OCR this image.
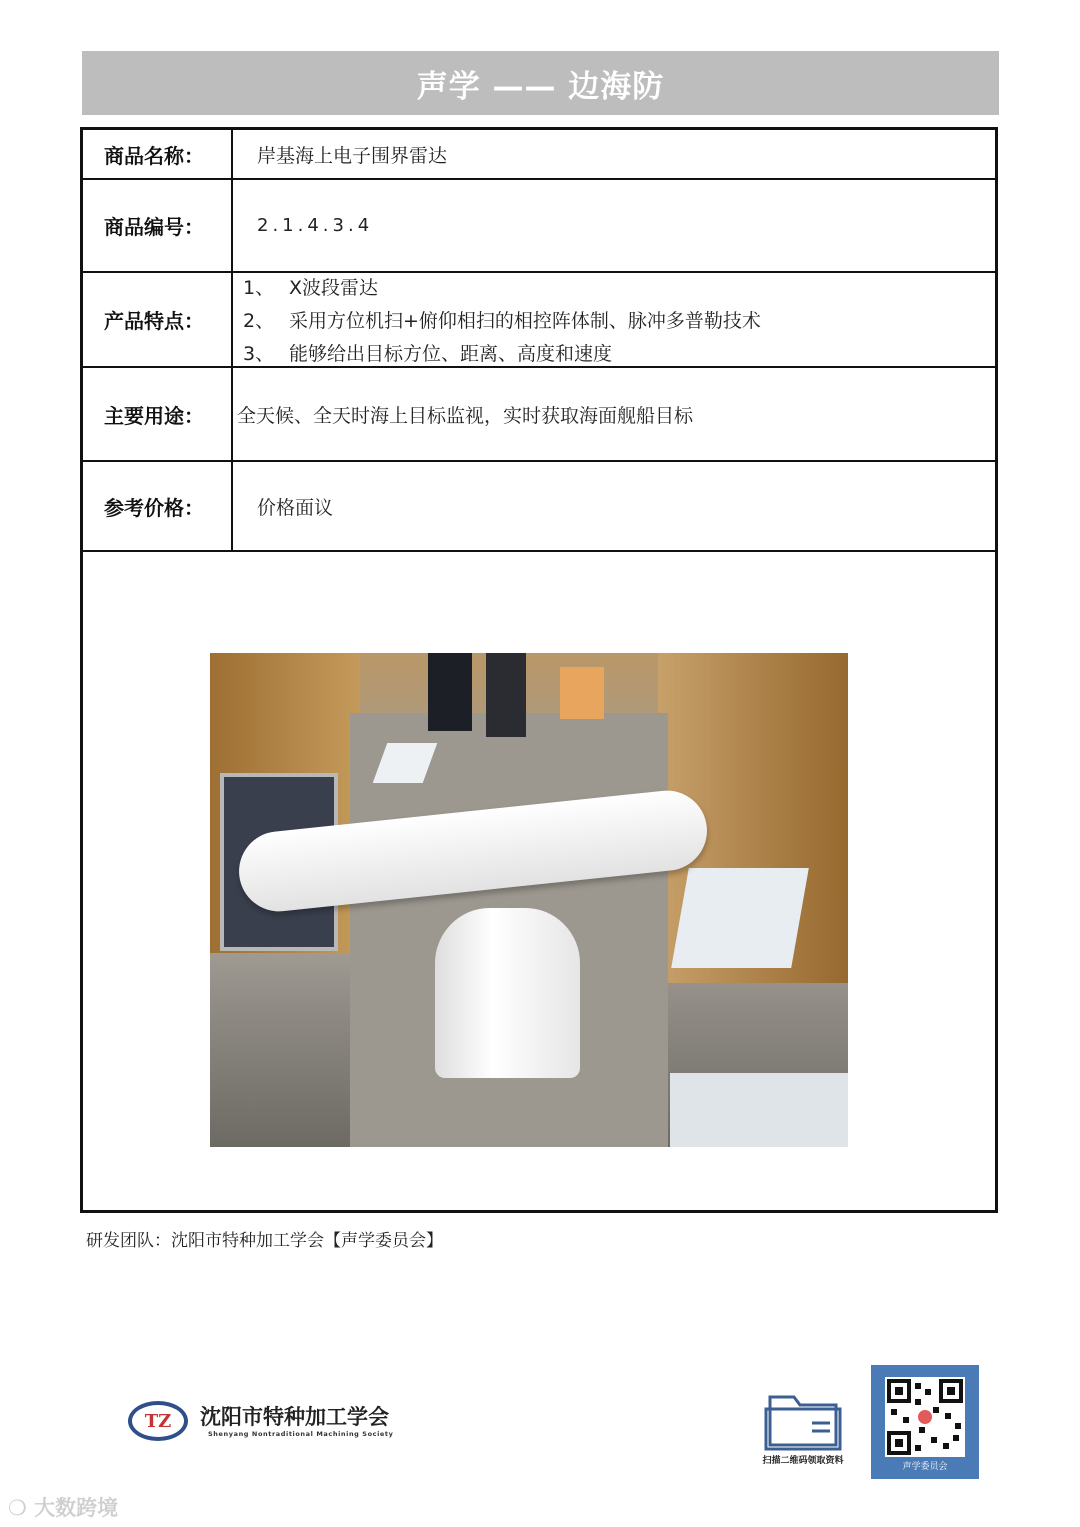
声学 —— 边海防
商品名称：	岸基海上电子围界雷达
商品编号：	2.1.4.3.4
产品特点：
1、 X波段雷达
2、 采用方位机扫+俯仰相扫的相控阵体制、脉冲多普勒技术
3、 能够给出目标方位、距离、高度和速度
主要用途：	全天候、全天时海上目标监视，实时获取海面舰船目标
参考价格：	价格面议
研发团队：沈阳市特种加工学会【声学委员会】
TZ	沈阳市特种加工学会
Shenyang Nontraditional Machining Society
扫描二维码领取资料
声学委员会
❍ 大数跨境
